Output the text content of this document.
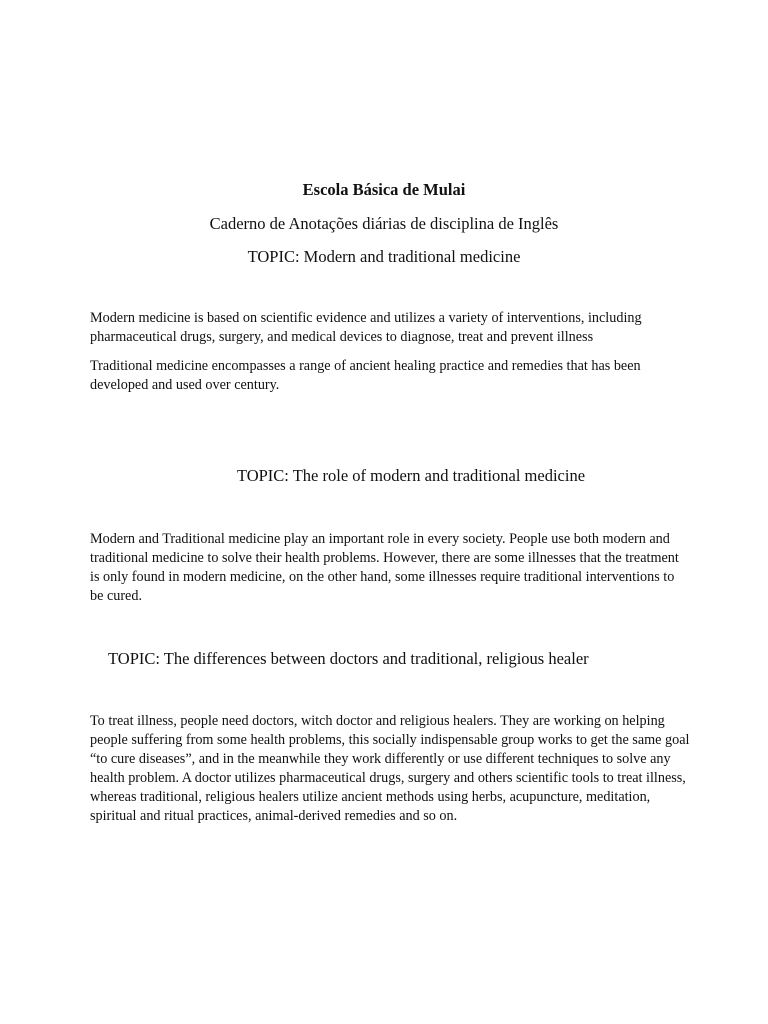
Escola Básica de Mulai
Caderno de Anotações diárias de disciplina de Inglês
TOPIC: Modern and traditional medicine

Modern medicine is based on scientific evidence and utilizes a variety of interventions, including pharmaceutical drugs, surgery, and medical devices to diagnose, treat and prevent illness

Traditional medicine encompasses a range of ancient healing practice and remedies that has been developed and used over century.

TOPIC: The role of modern and traditional medicine

Modern and Traditional medicine play an important role in every society. People use both modern and traditional medicine to solve their health problems. However, there are some illnesses that the treatment is only found in modern medicine, on the other hand, some illnesses require traditional interventions to be cured.

TOPIC: The differences between doctors and traditional, religious healer

To treat illness, people need doctors, witch doctor and religious healers. They are working on helping people suffering from some health problems, this socially indispensable group works to get the same goal “to cure diseases”, and in the meanwhile they work differently or use different techniques to solve any health problem. A doctor utilizes pharmaceutical drugs, surgery and others scientific tools to treat illness, whereas traditional, religious healers utilize ancient methods using herbs, acupuncture, meditation, spiritual and ritual practices, animal-derived remedies and so on.
